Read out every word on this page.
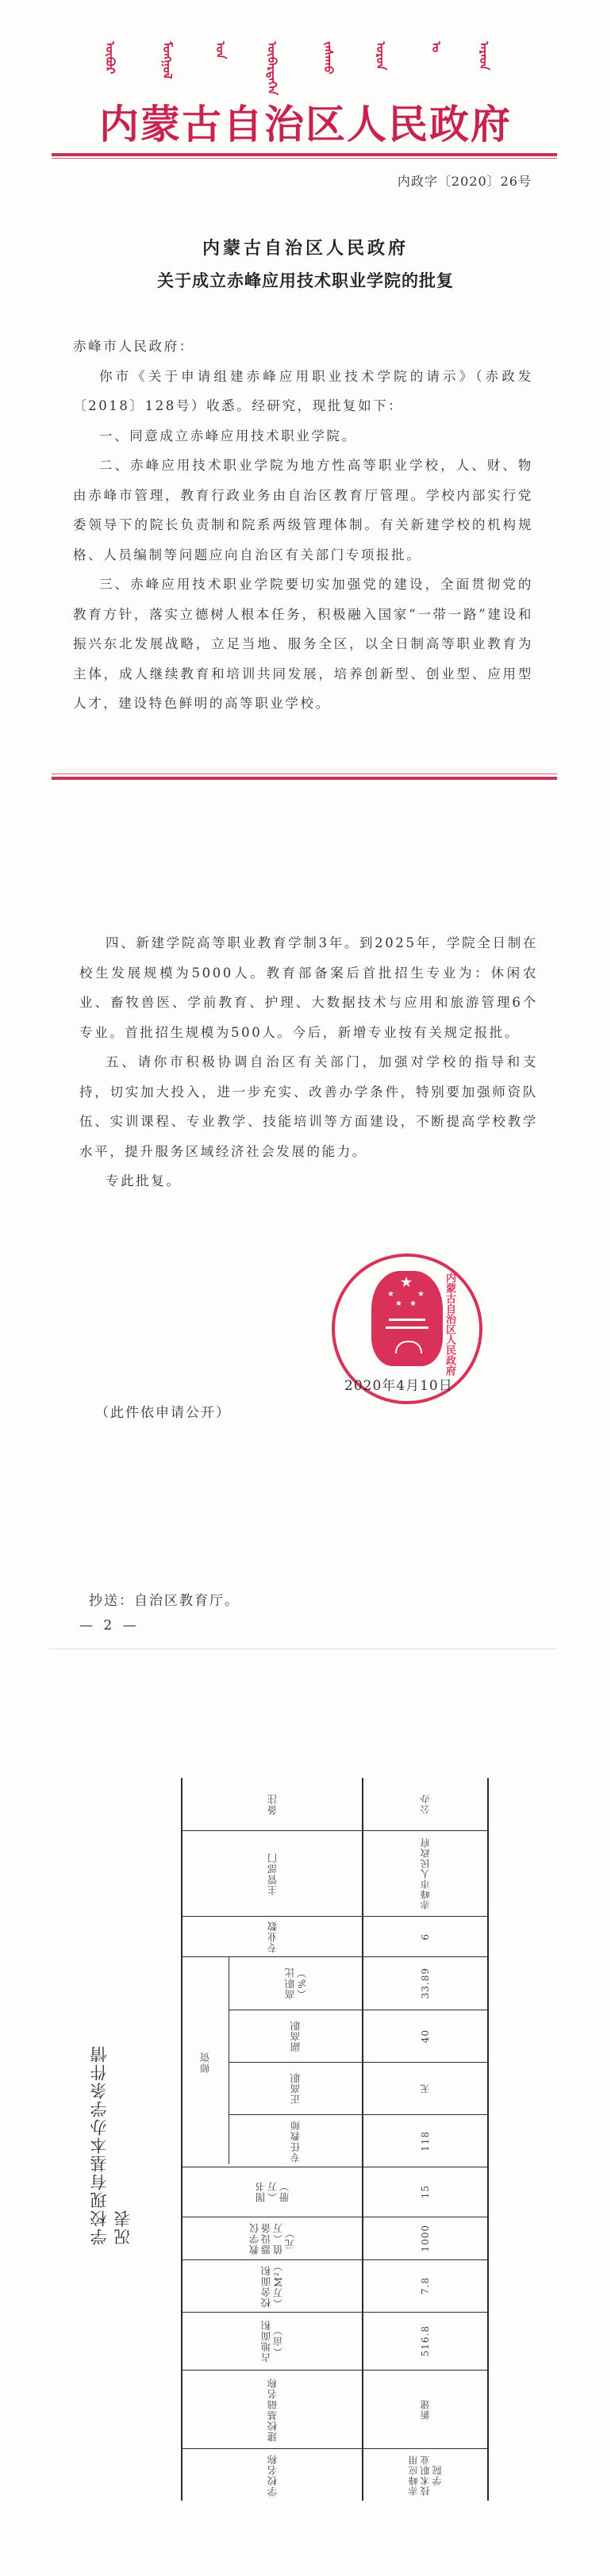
ᠦᠪᠦᠷ	ᠮᠣᠩᠭᠣᠯ	ᠤᠨ	ᠥᠪᠡᠷᠲᠡᠭᠡᠨ	ᠵᠠᠰᠠᠬᠤ	ᠣᠷᠣᠨ	ᠤ	ᠠᠷᠠᠳ
内蒙古自治区人民政府
内政字〔2020〕26号
内蒙古自治区人民政府
关于成立赤峰应用技术职业学院的批复

赤峰市人民政府：

你市《关于申请组建赤峰应用职业技术学院的请示》（赤政发〔2018〕128号）收悉。经研究，现批复如下：

一、同意成立赤峰应用技术职业学院。

二、赤峰应用技术职业学院为地方性高等职业学校，人、财、物由赤峰市管理，教育行政业务由自治区教育厅管理。学校内部实行党委领导下的院长负责制和院系两级管理体制。有关新建学校的机构规格、人员编制等问题应向自治区有关部门专项报批。

三、赤峰应用技术职业学院要切实加强党的建设，全面贯彻党的教育方针，落实立德树人根本任务，积极融入国家“一带一路”建设和振兴东北发展战略，立足当地、服务全区，以全日制高等职业教育为主体，成人继续教育和培训共同发展，培养创新型、创业型、应用型人才，建设特色鲜明的高等职业学校。

四、新建学院高等职业教育学制3年。到2025年，学院全日制在校生发展规模为5000人。教育部备案后首批招生专业为：休闲农业、畜牧兽医、学前教育、护理、大数据技术与应用和旅游管理6个专业。首批招生规模为500人。今后，新增专业按有关规定报批。

五、请你市积极协调自治区有关部门，加强对学校的指导和支持，切实加大投入，进一步充实、改善办学条件，特别要加强师资队伍、实训课程、专业教学、技能培训等方面建设，不断提高学校教学水平，提升服务区域经济社会发展的能力。

专此批复。

★
★	★
★ ★	内蒙古自治区人民政府
2020年4月10日
（此件依申请公开）
抄送：自治区教育厅。
— 2 —
学校现有基本办学条件情况表
师资
备注	公办
主管部门	赤峰市人民政府
专业数	6
高职比（%）	33.89
副高职	40
正高职	无
专任教师	118
图书（万册）	15
教学仪器设备值（万元）	1000
校舍面积（万M²）	7.8
占地面积（亩）	516.8
建校基础名称	新建
学校名称	赤峰应用技术职业学院
